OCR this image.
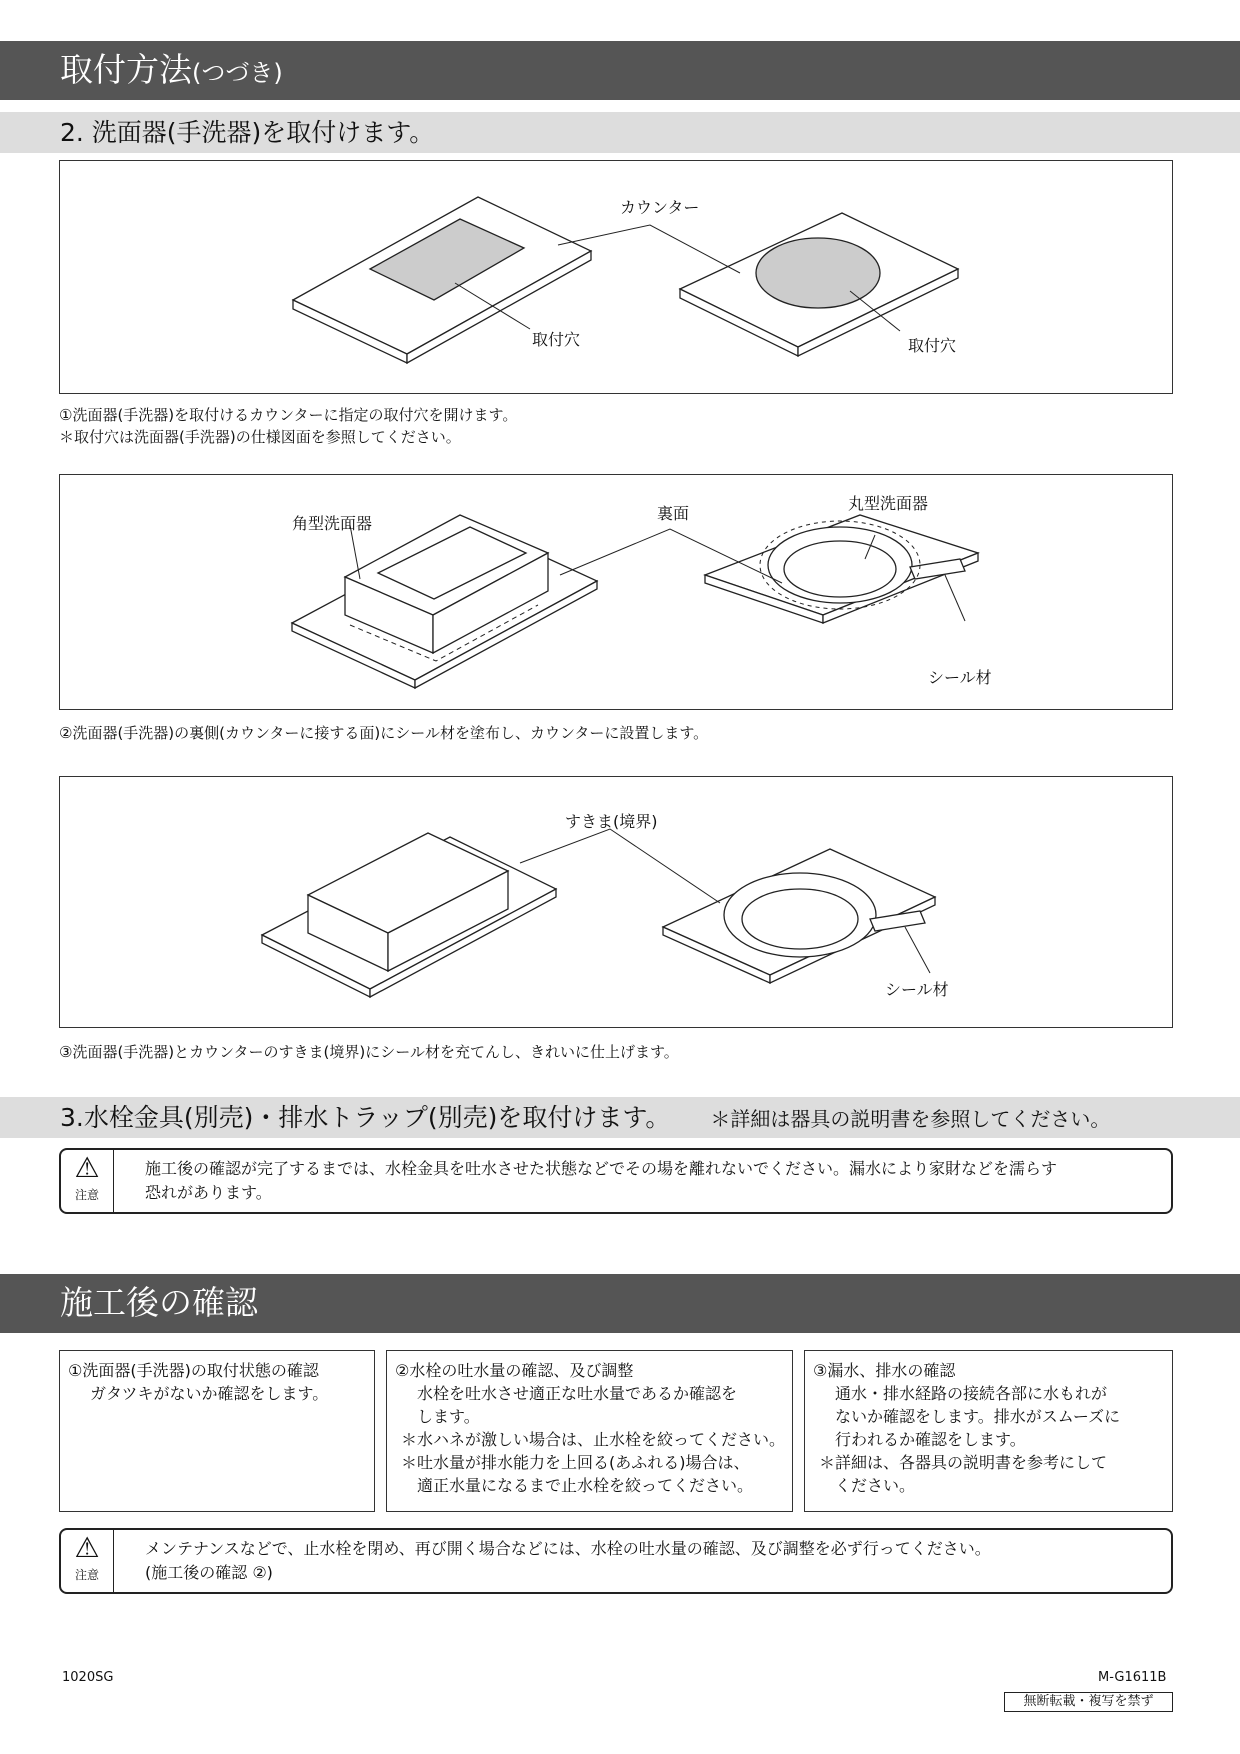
取付方法(つづき)
2. 洗面器(手洗器)を取付けます。
カウンター
取付穴	取付穴
①洗面器(手洗器)を取付けるカウンターに指定の取付穴を開けます。
＊取付穴は洗面器(手洗器)の仕様図面を参照してください。
角型洗面器
裏面
丸型洗面器
シール材
②洗面器(手洗器)の裏側(カウンターに接する面)にシール材を塗布し、カウンターに設置します。
すきま(境界)
シール材
③洗面器(手洗器)とカウンターのすきま(境界)にシール材を充てんし、きれいに仕上げます。
3.水栓金具(別売)・排水トラップ(別売)を取付けます。 ＊詳細は器具の説明書を参照してください。
⚠
注意
施工後の確認が完了するまでは、水栓金具を吐水させた状態などでその場を離れないでください。漏水により家財などを濡らす
恐れがあります。
施工後の確認
①洗面器(手洗器)の取付状態の確認
ガタツキがないか確認をします。
②水栓の吐水量の確認、及び調整
水栓を吐水させ適正な吐水量であるか確認を
します。
＊水ハネが激しい場合は、止水栓を絞ってください。
＊吐水量が排水能力を上回る(あふれる)場合は、
　適正水量になるまで止水栓を絞ってください。
③漏水、排水の確認
通水・排水経路の接続各部に水もれが
ないか確認をします。排水がスムーズに
行われるか確認をします。
＊詳細は、各器具の説明書を参考にして
　ください。
⚠
注意
メンテナンスなどで、止水栓を閉め、再び開く場合などには、水栓の吐水量の確認、及び調整を必ず行ってください。
(施工後の確認 ②)
1020SG	M-G1611B
無断転載・複写を禁ず
